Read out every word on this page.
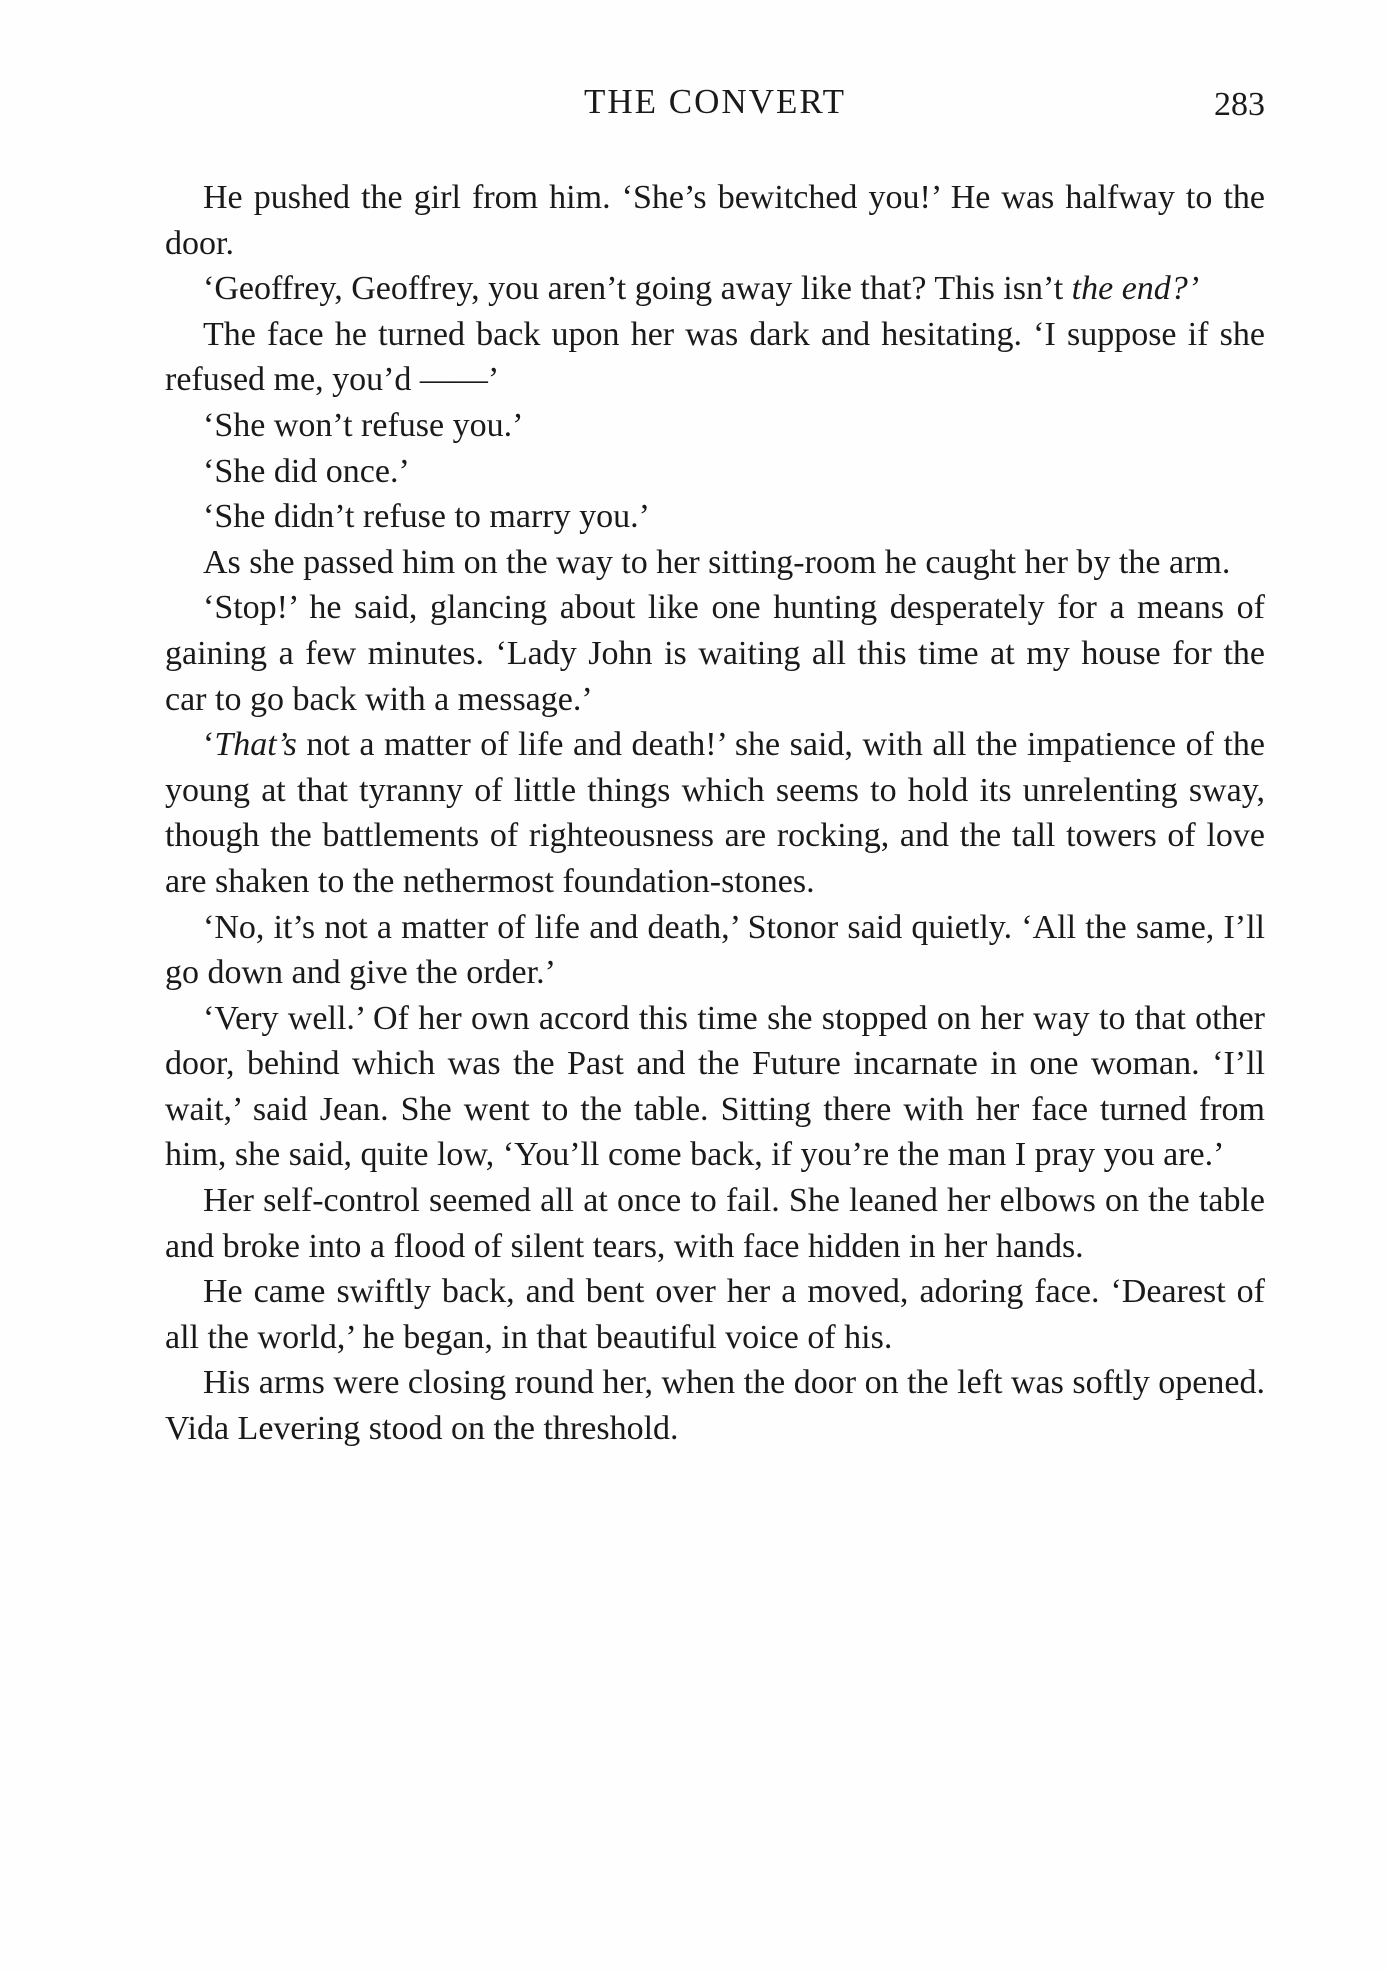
THE CONVERT	283

He pushed the girl from him. ‘She’s bewitched you!’ He was halfway to the door.

‘Geoffrey, Geoffrey, you aren’t going away like that? This isn’t the end?’

The face he turned back upon her was dark and hesitating. ‘I suppose if she refused me, you’d ——’

‘She won’t refuse you.’

‘She did once.’

‘She didn’t refuse to marry you.’

As she passed him on the way to her sitting-room he caught her by the arm.

‘Stop!’ he said, glancing about like one hunting desperately for a means of gaining a few minutes. ‘Lady John is waiting all this time at my house for the car to go back with a message.’

‘That’s not a matter of life and death!’ she said, with all the impatience of the young at that tyranny of little things which seems to hold its unrelenting sway, though the battlements of righteousness are rocking, and the tall towers of love are shaken to the nethermost foundation-stones.

‘No, it’s not a matter of life and death,’ Stonor said quietly. ‘All the same, I’ll go down and give the order.’

‘Very well.’ Of her own accord this time she stopped on her way to that other door, behind which was the Past and the Future incarnate in one woman. ‘I’ll wait,’ said Jean. She went to the table. Sitting there with her face turned from him, she said, quite low, ‘You’ll come back, if you’re the man I pray you are.’

Her self-control seemed all at once to fail. She leaned her elbows on the table and broke into a flood of silent tears, with face hidden in her hands.

He came swiftly back, and bent over her a moved, adoring face. ‘Dearest of all the world,’ he began, in that beautiful voice of his.

His arms were closing round her, when the door on the left was softly opened. Vida Levering stood on the threshold.
